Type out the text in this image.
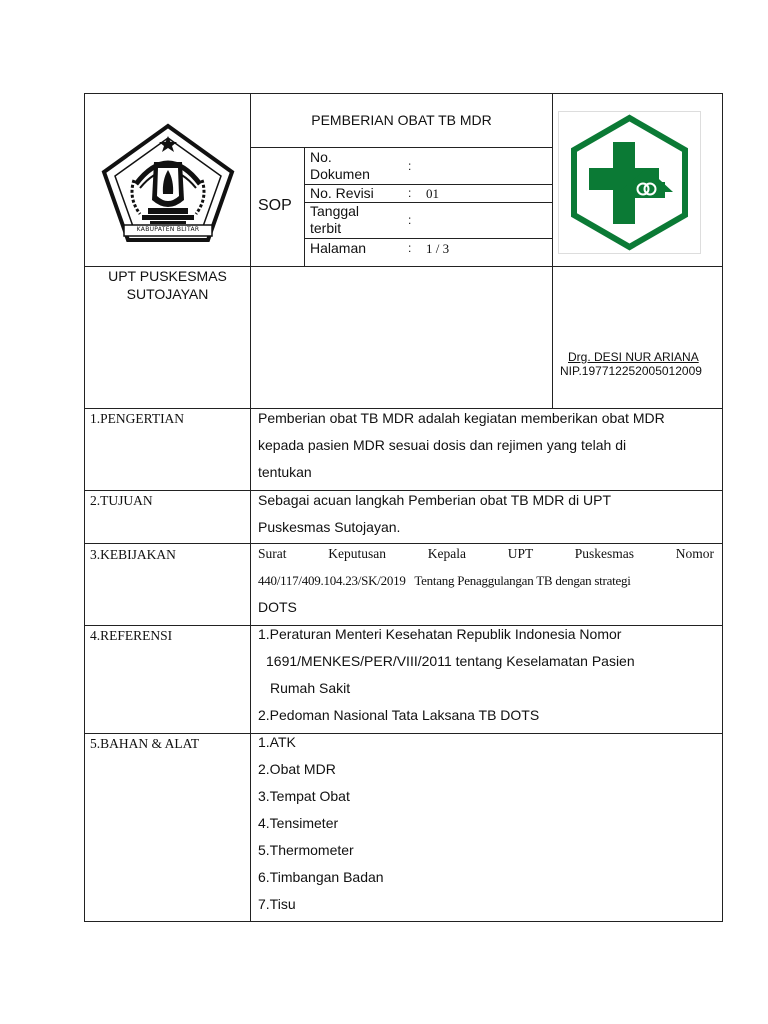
KABUPATEN BLITAR
PEMBERIAN OBAT TB MDR
SOP
No.
Dokumen	:
No. Revisi	: 01
Tanggal
terbit	:
Halaman	: 1 / 3
UPT PUSKESMAS
SUTOJAYAN
Drg. DESI NUR ARIANA
NIP.197712252005012009
1.PENGERTIAN	Pemberian obat TB MDR adalah kegiatan memberikan obat MDR
kepada pasien MDR sesuai dosis dan rejimen yang telah di
tentukan
2.TUJUAN	Sebagai acuan langkah Pemberian obat TB MDR di UPT
Puskesmas Sutojayan.
3.KEBIJAKAN	Surat Keputusan Kepala UPT Puskesmas Nomor
440/117/409.104.23/SK/2019   Tentang Penaggulangan TB dengan strategi
DOTS
4.REFERENSI	1.Peraturan Menteri Kesehatan Republik Indonesia Nomor
1691/MENKES/PER/VIII/2011 tentang Keselamatan Pasien
Rumah Sakit
2.Pedoman Nasional Tata Laksana TB DOTS
5.BAHAN & ALAT	1.ATK
2.Obat MDR
3.Tempat Obat
4.Tensimeter
5.Thermometer
6.Timbangan Badan
7.Tisu
